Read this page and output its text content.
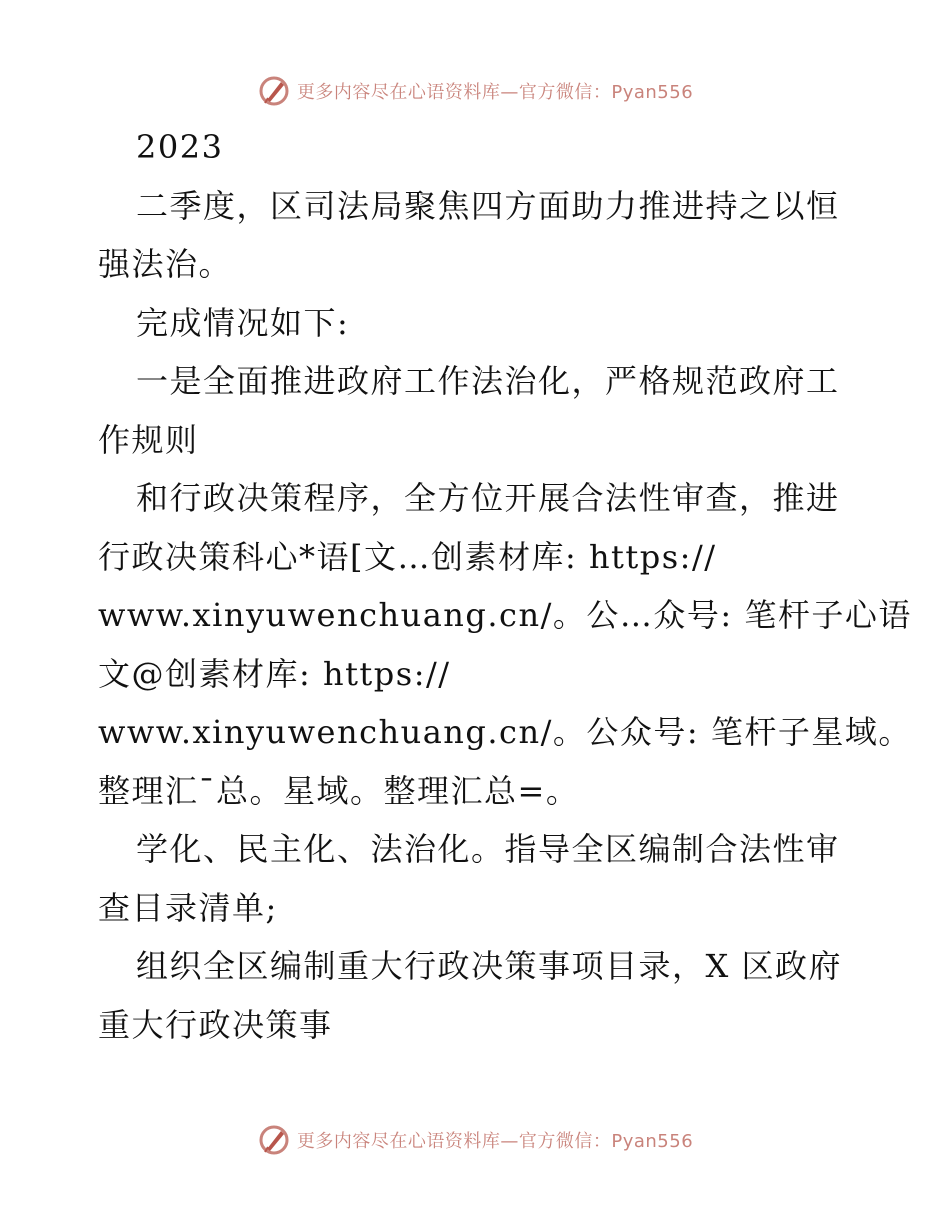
更多内容尽在心语资料库—官方微信：Pyan556
2023
二季度，区司法局聚焦四方面助力推进持之以恒
强法治。
完成情况如下:
一是全面推进政府工作法治化，严格规范政府工
作规则
和行政决策程序，全方位开展合法性审查，推进
行政决策科心*语[文…创素材库: https://
www.xinyuwenchuang.cn/。公…众号: 笔杆子心语
文@创素材库: https://
www.xinyuwenchuang.cn/。公众号: 笔杆子星域。
整理汇¯总。星域。整理汇总=。
学化、民主化、法治化。指导全区编制合法性审
查目录清单;
组织全区编制重大行政决策事项目录，X 区政府
重大行政决策事
更多内容尽在心语资料库—官方微信：Pyan556
